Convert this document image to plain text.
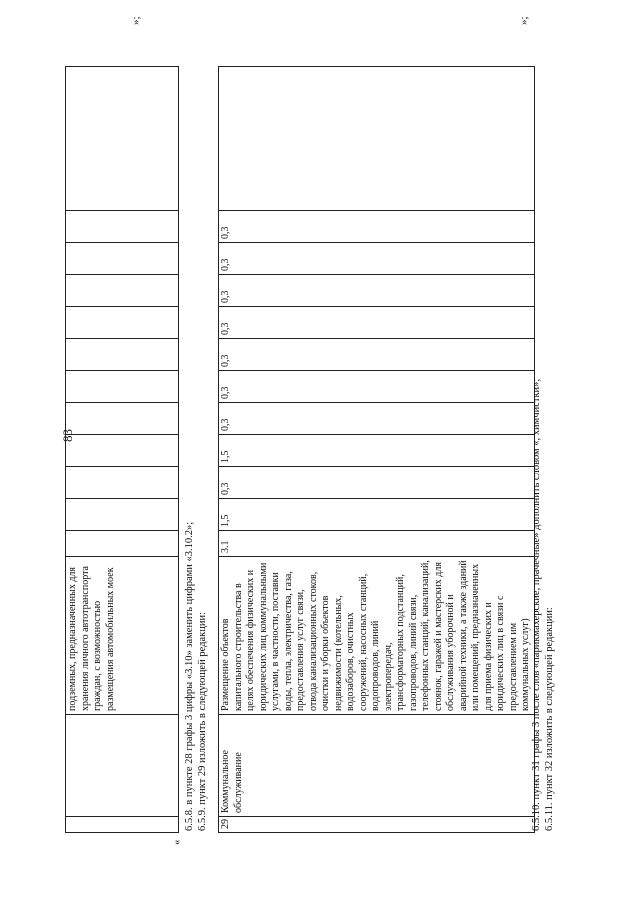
83
		подземных, предназначенных для хранения личного автотранспорта граждан, с возможностью размещения автомобильных моек												
»;
6.5.8. в пункте 28 графы 3 цифры «3.10» заменить цифрами «3.10.2»; 6.5.9. пункт 29 изложить в следующей редакции:
«
29	Коммунальное обслуживание	Размещение объектов капитального строительства в целях обеспечения физических и юридических лиц коммунальными услугами, в частности, поставки воды, тепла, электричества, газа, предоставления услуг связи, отвода канализационных стоков, очистки и уборки объектов недвижимости (котельных, водозаборов, очистных сооружений, насосных станций, водопроводов, линий электропередач, трансформаторных подстанций, газопроводов, линий связи, телефонных станций, канализаций, стоянок, гаражей и мастерских для обслуживания уборочной и аварийной техники, а также зданий или помещений, предназначенных для приема физических и юридических лиц в связи с предоставлением им коммунальных услуг)	3.1	1,5	0,3	1,5	0,3	0,3	0,3	0,3	0,3	0,3	0,3	
»;
6.5.10. пункт 31 графы 3 после слов «парикмахерские, прачечные» дополнить словом «, химчистки»; 6.5.11. пункт 32 изложить в следующей редакции:
